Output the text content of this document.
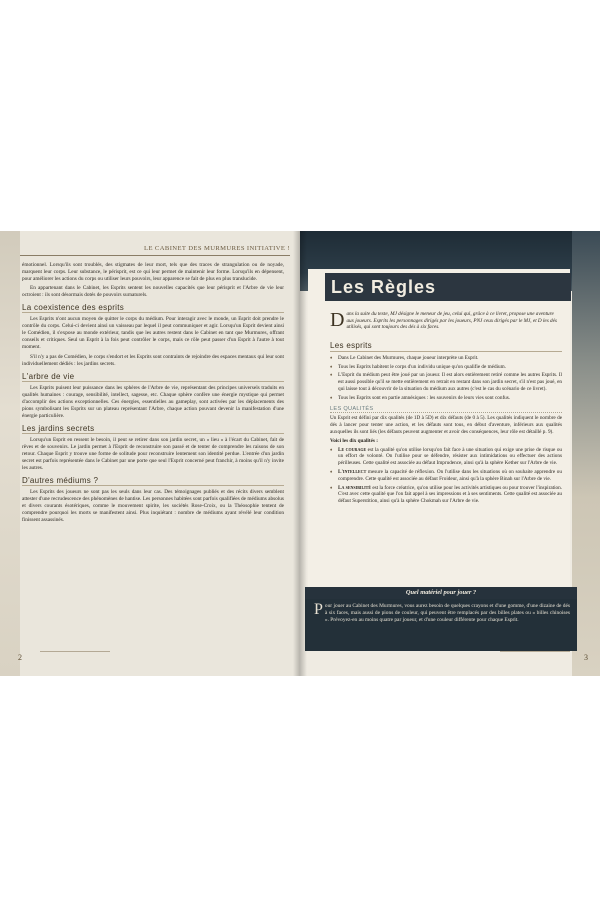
LE CABINET DES MURMURES INITIATIVE !

émotionnel. Lorsqu'ils sont troublés, des stigmates de leur mort, tels que des traces de strangulation ou de noyade, marquent leur corps. Leur substance, le périsprit, est ce qui leur permet de maintenir leur forme. Lorsqu'ils en dépensent, pour améliorer les actions du corps ou utiliser leurs pouvoirs, leur apparence se fait de plus en plus translucide.

En appartenant dans le Cabinet, les Esprits sentent les nouvelles capacités que leur périsprit et l'Arbre de vie leur octroient : ils sont désormais dotés de pouvoirs surnaturels.

La coexistence des esprits

Les Esprits n'ont aucun moyen de quitter le corps du médium. Pour interagir avec le monde, un Esprit doit prendre le contrôle du corps. Celui-ci devient ainsi un vaisseau par lequel il peut communiquer et agir. Lorsqu'un Esprit devient ainsi le Comédien, il s'expose au monde extérieur, tandis que les autres restent dans le Cabinet en tant que Murmures, offrant conseils et critiques. Seul un Esprit à la fois peut contrôler le corps, mais ce rôle peut passer d'un Esprit à l'autre à tout moment.

S'il n'y a pas de Comédien, le corps s'endort et les Esprits sont contraints de rejoindre des espaces mentaux qui leur sont individuellement dédiés : les jardins secrets.

L'arbre de vie

Les Esprits puisent leur puissance dans les sphères de l'Arbre de vie, représentant des principes universels traduits en qualités humaines : courage, sensibilité, intellect, sagesse, etc. Chaque sphère confère une énergie mystique qui permet d'accomplir des actions exceptionnelles. Ces énergies, essentielles au gameplay, sont activées par les déplacements des pions symbolisant les Esprits sur un plateau représentant l'Arbre, chaque action pouvant devenir la manifestation d'une énergie particulière.

Les jardins secrets

Lorsqu'un Esprit en ressent le besoin, il peut se retirer dans son jardin secret, un « lieu » à l'écart du Cabinet, fait de rêves et de souvenirs. Le jardin permet à l'Esprit de reconstruire son passé et de tenter de comprendre les raisons de son retour. Chaque Esprit y trouve une forme de solitude pour reconstruire lentement son identité perdue. L'entrée d'un jardin secret est parfois représentée dans le Cabinet par une porte que seul l'Esprit concerné peut franchir, à moins qu'il n'y invite les autres.

D'autres médiums ?

Les Esprits des joueurs ne sont pas les seuls dans leur cas. Des témoignages publiés et des récits divers semblent attester d'une recrudescence des phénomènes de hantise. Les personnes habitées sont parfois qualifiées de médiums absolus et divers courants ésotériques, comme le mouvement spirite, les sociétés Rose-Croix, ou la Théosophie tentent de comprendre pourquoi les morts se manifestent ainsi. Plus inquiétant : nombre de médiums ayant révélé leur condition finissent assassinés.

2
Les Règles
Dans la suite du texte, MJ désigne le meneur de jeu, celui qui, grâce à ce livret, propose une aventure aux joueurs. Esprits les personnages dirigés par les joueurs, PNJ ceux dirigés par le MJ, et D les dés utilisés, qui sont toujours des dés à six faces.
Les esprits
♦ Dans Le Cabinet des Murmures, chaque joueur interprète un Esprit.
♦ Tous les Esprits habitent le corps d'un individu unique qu'on qualifie de médium.
♦ L'Esprit du médium peut être joué par un joueur. Il est alors entièrement retiré comme les autres Esprits. Il est aussi possible qu'il se mette entièrement en retrait en restant dans son jardin secret, s'il n'est pas joué, en qui laisse tout à découvrir de la situation du médium aux autres (c'est le cas du scénario de ce livret).
♦ Tous les Esprits sont en partie amnésiques : les souvenirs de leurs vies sont confus.
LES QUALITÉS

Un Esprit est défini par dix qualités (de 1D à 5D) et dix défauts (de 0 à 5). Les qualités indiquent le nombre de dés à lancer pour tenter une action, et les défauts sont tous, en début d'aventure, inférieurs aux qualités auxquelles ils sont liés (les défauts peuvent augmenter et avoir des conséquences, leur rôle est détaillé p. 9).

Voici les dix qualités :

♦ Le courage est la qualité qu'on utilise lorsqu'on fait face à une situation qui exige une prise de risque ou un effort de volonté. On l'utilise pour se défendre, résister aux intimidations ou effectuer des actions périlleuses. Cette qualité est associée au défaut Imprudence, ainsi qu'à la sphère Kether sur l'Arbre de vie.
♦ L'intellect mesure la capacité de réflexion. On l'utilise dans les situations où on souhaite apprendre ou comprendre. Cette qualité est associée au défaut Froideur, ainsi qu'à la sphère Binah sur l'Arbre de vie.
♦ La sensibilité est la force créatrice, qu'on utilise pour les activités artistiques ou pour trouver l'inspiration. C'est avec cette qualité que l'on fait appel à ses impressions et à ses sentiments. Cette qualité est associée au défaut Superstition, ainsi qu'à la sphère Chokmah sur l'Arbre de vie.
Quel matériel pour jouer ?
Pour jouer au Cabinet des Murmures, vous aurez besoin de quelques crayons et d'une gomme, d'une dizaine de dés à six faces, mais aussi de pions de couleur, qui peuvent être remplacés par des billes plates ou « billes chinoises ». Prévoyez-en au moins quatre par joueur, et d'une couleur différente pour chaque Esprit.
3
